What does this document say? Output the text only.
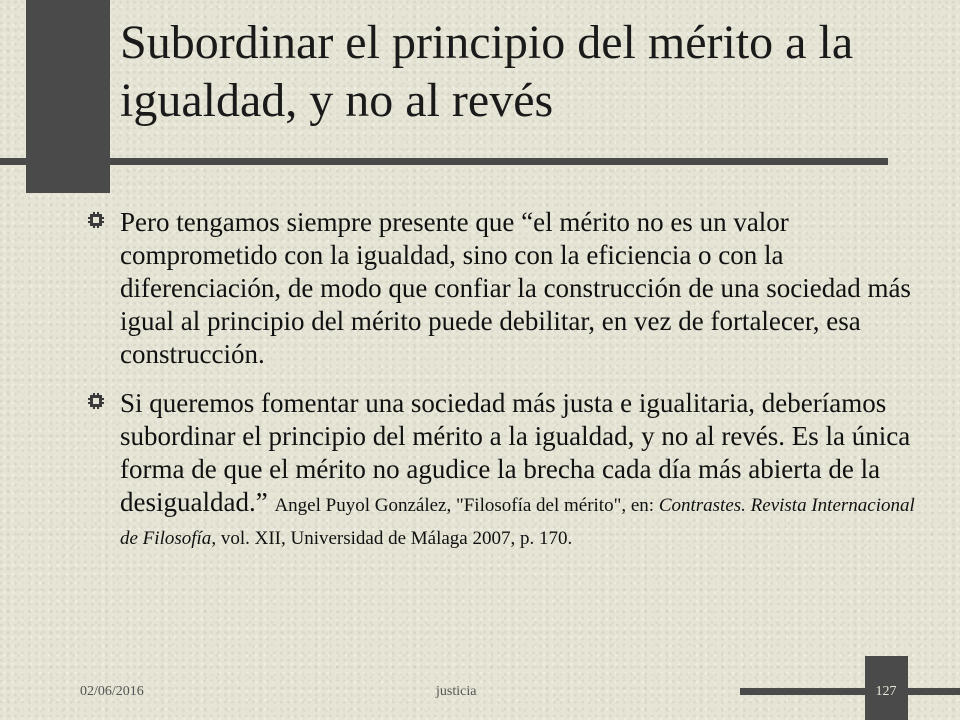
Subordinar el principio del mérito a la igualdad, y no al revés
Pero tengamos siempre presente que “el mérito no es un valor comprometido con la igualdad, sino con la eficiencia o con la diferenciación, de modo que confiar la construcción de una sociedad más igual al principio del mérito puede debilitar, en vez de fortalecer, esa construcción.
Si queremos fomentar una sociedad más justa e igualitaria, deberíamos subordinar el principio del mérito a la igualdad, y no al revés. Es la única forma de que el mérito no agudice la brecha cada día más abierta de la desigualdad.” Angel Puyol González, "Filosofía del mérito", en: Contrastes. Revista Internacional de Filosofía, vol. XII, Universidad de Málaga 2007, p. 170.
02/06/2016	justicia	127
